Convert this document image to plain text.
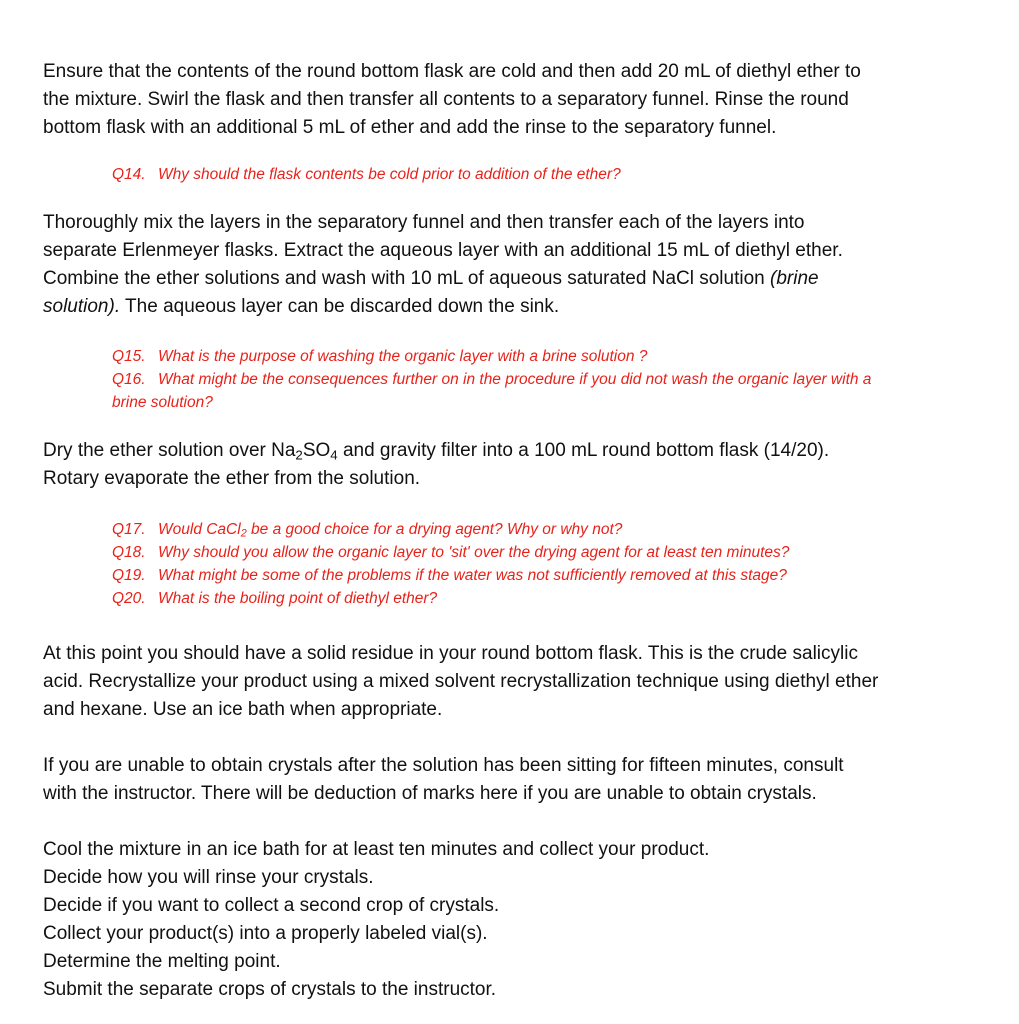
Ensure that the contents of the round bottom flask are cold and then add 20 mL of diethyl ether to
the mixture. Swirl the flask and then transfer all contents to a separatory funnel. Rinse the round
bottom flask with an additional 5 mL of ether and add the rinse to the separatory funnel.

Q14. Why should the flask contents be cold prior to addition of the ether?

Thoroughly mix the layers in the separatory funnel and then transfer each of the layers into
separate Erlenmeyer flasks. Extract the aqueous layer with an additional 15 mL of diethyl ether.
Combine the ether solutions and wash with 10 mL of aqueous saturated NaCl solution (brine
solution). The aqueous layer can be discarded down the sink.

Q15. What is the purpose of washing the organic layer with a brine solution ?
Q16. What might be the consequences further on in the procedure if you did not wash the organic layer with a
brine solution?

Dry the ether solution over $Na_2SO_4$ and gravity filter into a 100 mL round bottom flask (14/20).
Rotary evaporate the ether from the solution.

Q17. Would CaCl$_2$ be a good choice for a drying agent? Why or why not?
Q18. Why should you allow the organic layer to 'sit' over the drying agent for at least ten minutes?
Q19. What might be some of the problems if the water was not sufficiently removed at this stage?
Q20. What is the boiling point of diethyl ether?

At this point you should have a solid residue in your round bottom flask. This is the crude salicylic
acid. Recrystallize your product using a mixed solvent recrystallization technique using diethyl ether
and hexane. Use an ice bath when appropriate.

If you are unable to obtain crystals after the solution has been sitting for fifteen minutes, consult
with the instructor. There will be deduction of marks here if you are unable to obtain crystals.

Cool the mixture in an ice bath for at least ten minutes and collect your product.
Decide how you will rinse your crystals.
Decide if you want to collect a second crop of crystals.
Collect your product(s) into a properly labeled vial(s).
Determine the melting point.
Submit the separate crops of crystals to the instructor.
